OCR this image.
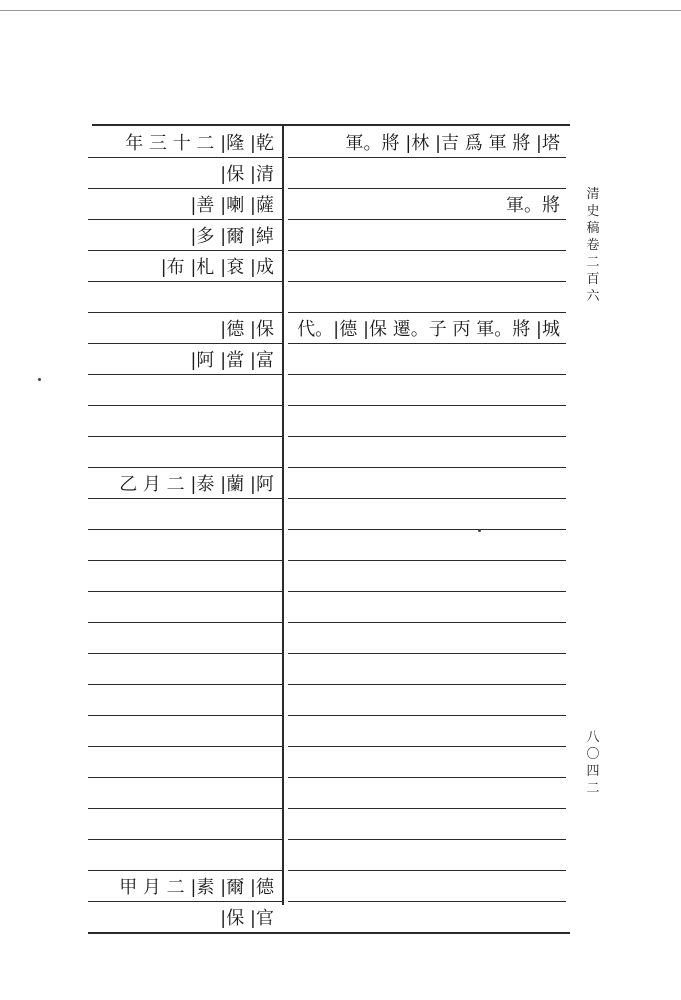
年 三 十 二 |隆 |乾	軍。將 |林 |吉 爲 軍 將 |塔
|保 |清
|善 |喇 |薩	軍。將
|多 |爾 |綽
|布 |札 |袞 |成
|德 |保	代。|德 |保 遷。子 丙 軍。將 |城
|阿 |當 |富
乙 月 二 |泰 |蘭 |阿
甲 月 二 |素 |爾 |德
|保 |官
清
史
稿
卷
二
百
六
八
〇
四
二
